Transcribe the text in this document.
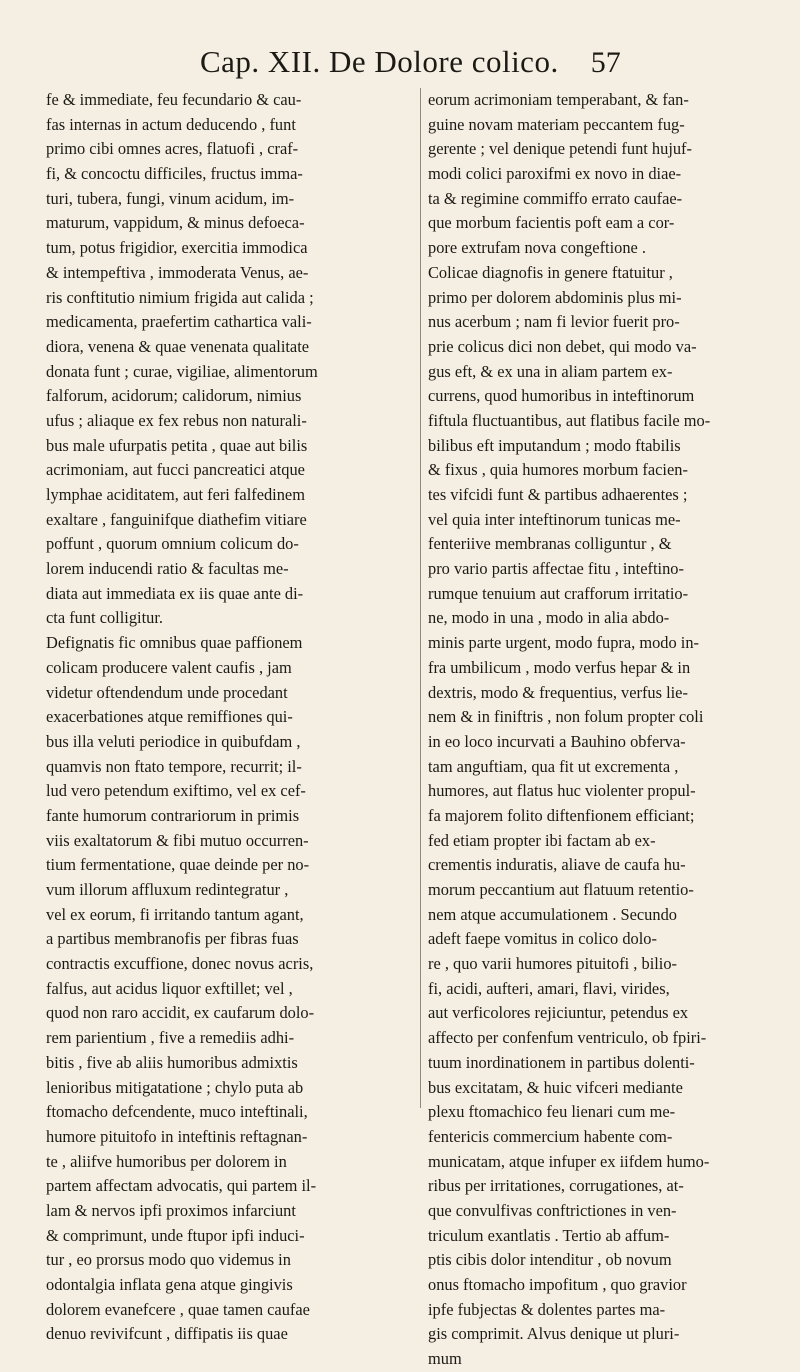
Cap. XII. De Dolore colico. 57
fe & immediate, feu fecundario & cau-
fas internas in actum deducendo , funt
primo cibi omnes acres, flatuofi , craf-
fi, & concoctu difficiles, fructus imma-
turi, tubera, fungi, vinum acidum, im-
maturum, vappidum, & minus defoeca-
tum, potus frigidior, exercitia immodica
& intempeftiva , immoderata Venus, ae-
ris conftitutio nimium frigida aut calida ;
medicamenta, praefertim cathartica vali-
diora, venena & quae venenata qualitate
donata funt ; curae, vigiliae, alimentorum
falforum, acidorum; calidorum, nimius
ufus ; aliaque ex fex rebus non naturali-
bus male ufurpatis petita , quae aut bilis
acrimoniam, aut fucci pancreatici atque
lymphae aciditatem, aut feri falfedinem
exaltare , fanguinifque diathefim vitiare
poffunt , quorum omnium colicum do-
lorem inducendi ratio & facultas me-
diata aut immediata ex iis quae ante di-
cta funt colligitur.
Defignatis fic omnibus quae paffionem
colicam producere valent caufis , jam
videtur oftendendum unde procedant
exacerbationes atque remiffiones qui-
bus illa veluti periodice in quibufdam ,
quamvis non ftato tempore, recurrit; il-
lud vero petendum exiftimo, vel ex cef-
fante humorum contrariorum in primis
viis exaltatorum & fibi mutuo occurren-
tium fermentatione, quae deinde per no-
vum illorum affluxum redintegratur ,
vel ex eorum, fi irritando tantum agant,
a partibus membranofis per fibras fuas
contractis excuffione, donec novus acris,
falfus, aut acidus liquor exftillet; vel ,
quod non raro accidit, ex caufarum dolo-
rem parientium , five a remediis adhi-
bitis , five ab aliis humoribus admixtis
lenioribus mitigatatione ; chylo puta ab
ftomacho defcendente, muco inteftinali,
humore pituitofo in inteftinis reftagnan-
te , aliifve humoribus per dolorem in
partem affectam advocatis, qui partem il-
lam & nervos ipfi proximos infarciunt
& comprimunt, unde ftupor ipfi induci-
tur , eo prorsus modo quo videmus in
odontalgia inflata gena atque gingivis
dolorem evanefcere , quae tamen caufae
denuo revivifcunt , diffipatis iis quae
eorum acrimoniam temperabant, & fan-
guine novam materiam peccantem fug-
gerente ; vel denique petendi funt hujuf-
modi colici paroxifmi ex novo in diae-
ta & regimine commiffo errato caufae-
que morbum facientis poft eam a cor-
pore extrufam nova congeftione .
Colicae diagnofis in genere ftatuitur ,
primo per dolorem abdominis plus mi-
nus acerbum ; nam fi levior fuerit pro-
prie colicus dici non debet, qui modo va-
gus eft, & ex una in aliam partem ex-
currens, quod humoribus in inteftinorum
fiftula fluctuantibus, aut flatibus facile mo-
bilibus eft imputandum ; modo ftabilis
& fixus , quia humores morbum facien-
tes vifcidi funt & partibus adhaerentes ;
vel quia inter inteftinorum tunicas me-
fenteriive membranas colliguntur , &
pro vario partis affectae fitu , inteftino-
rumque tenuium aut crafforum irritatio-
ne, modo in una , modo in alia abdo-
minis parte urgent, modo fupra, modo in-
fra umbilicum , modo verfus hepar & in
dextris, modo & frequentius, verfus lie-
nem & in finiftris , non folum propter coli
in eo loco incurvati a Bauhino obferva-
tam anguftiam, qua fit ut excrementa ,
humores, aut flatus huc violenter propul-
fa majorem folito diftenfionem efficiant;
fed etiam propter ibi factam ab ex-
crementis induratis, aliave de caufa hu-
morum peccantium aut flatuum retentio-
nem atque accumulationem . Secundo
adeft faepe vomitus in colico dolo-
re , quo varii humores pituitofi , bilio-
fi, acidi, aufteri, amari, flavi, virides,
aut verficolores rejiciuntur, petendus ex
affecto per confenfum ventriculo, ob fpiri-
tuum inordinationem in partibus dolenti-
bus excitatam, & huic vifceri mediante
plexu ftomachico feu lienari cum me-
fentericis commercium habente com-
municatam, atque infuper ex iifdem humo-
ribus per irritationes, corrugationes, at-
que convulfivas conftrictiones in ven-
triculum exantlatis . Tertio ab affum-
ptis cibis dolor intenditur , ob novum
onus ftomacho impofitum , quo gravior
ipfe fubjectas & dolentes partes ma-
gis comprimit. Alvus denique ut pluri-
mum
